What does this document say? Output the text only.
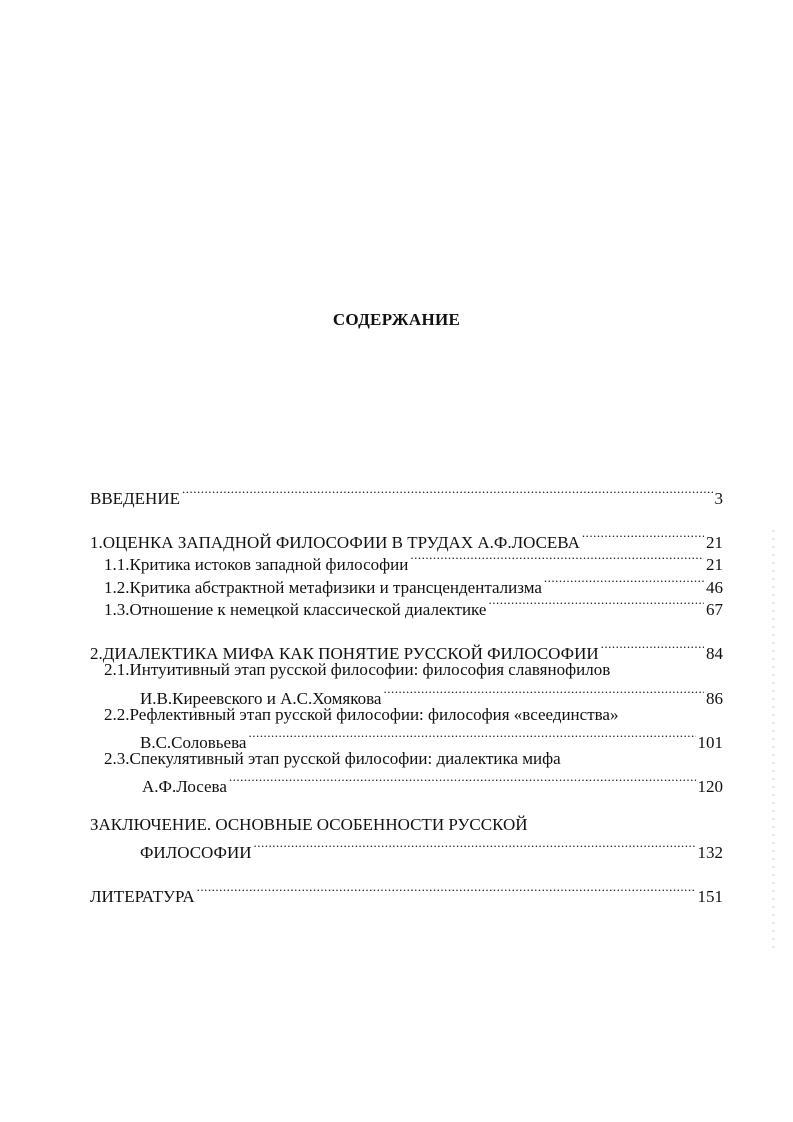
СОДЕРЖАНИЕ
ВВЕДЕНИЕ .....	3
1.ОЦЕНКА ЗАПАДНОЙ ФИЛОСОФИИ В ТРУДАХ А.Ф.ЛОСЕВА .....	21
1.1.Критика истоков западной философии .....	21
1.2.Критика абстрактной метафизики и трансцендентализма .....	46
1.3.Отношение к немецкой классической диалектике .....	67
2.ДИАЛЕКТИКА МИФА КАК ПОНЯТИЕ РУССКОЙ ФИЛОСОФИИ .....	84
2.1.Интуитивный этап русской философии: философия славянофилов
И.В.Киреевского и А.С.Хомякова .....	86
2.2.Рефлективный этап русской философии: философия «всеединства»
В.С.Соловьева .....	101
2.3.Спекулятивный этап русской философии: диалектика мифа
А.Ф.Лосева .....	120
ЗАКЛЮЧЕНИЕ. ОСНОВНЫЕ ОСОБЕННОСТИ РУССКОЙ
ФИЛОСОФИИ .....	132
ЛИТЕРАТУРА .....	151
